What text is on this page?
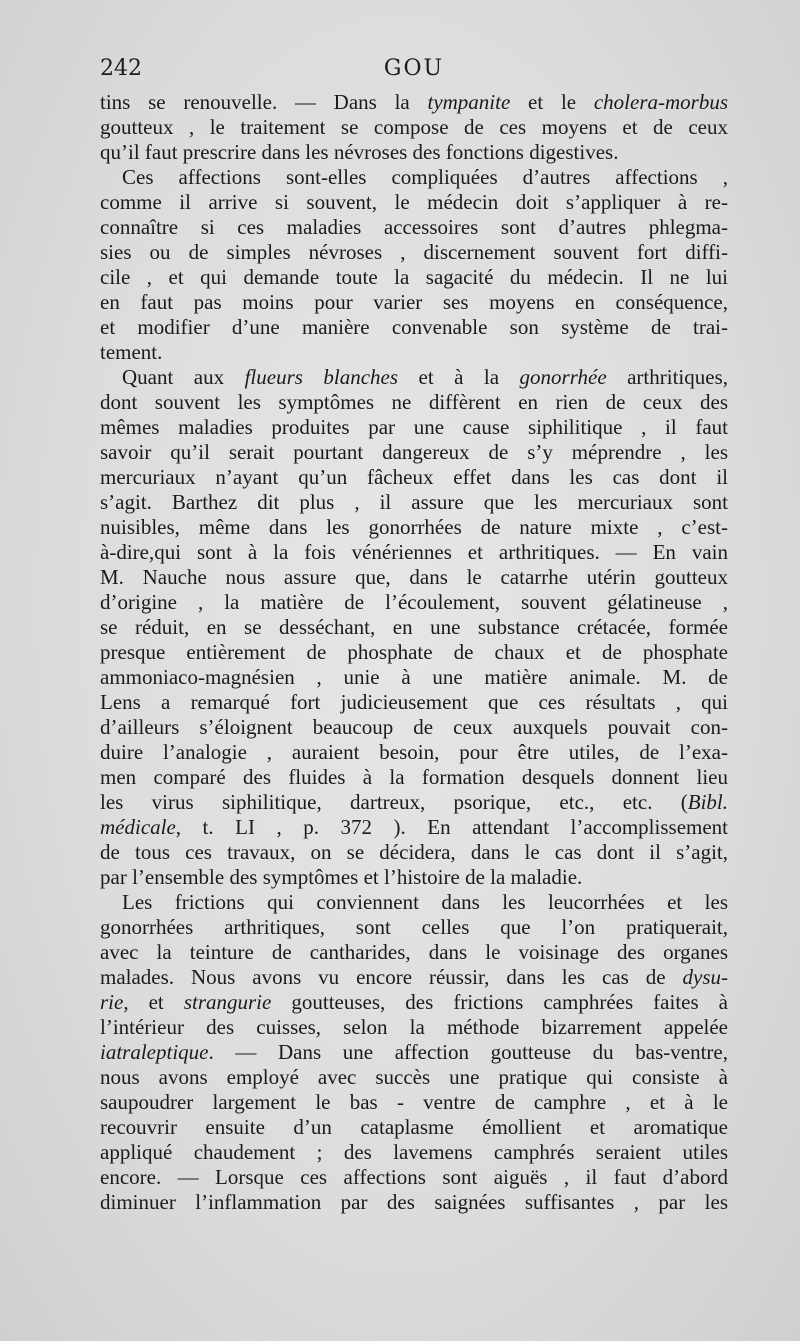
242	GOU
tins se renouvelle. — Dans la tympanite et le cholera-morbus
goutteux , le traitement se compose de ces moyens et de ceux
qu’il faut prescrire dans les névroses des fonctions digestives.
Ces affections sont-elles compliquées d’autres affections ,
comme il arrive si souvent, le médecin doit s’appliquer à re-
connaître si ces maladies accessoires sont d’autres phlegma-
sies ou de simples névroses , discernement souvent fort diffi-
cile , et qui demande toute la sagacité du médecin. Il ne lui
en faut pas moins pour varier ses moyens en conséquence,
et modifier d’une manière convenable son système de trai-
tement.
Quant aux flueurs blanches et à la gonorrhée arthritiques,
dont souvent les symptômes ne diffèrent en rien de ceux des
mêmes maladies produites par une cause siphilitique , il faut
savoir qu’il serait pourtant dangereux de s’y méprendre , les
mercuriaux n’ayant qu’un fâcheux effet dans les cas dont il
s’agit. Barthez dit plus , il assure que les mercuriaux sont
nuisibles, même dans les gonorrhées de nature mixte , c’est-
à-dire,qui sont à la fois vénériennes et arthritiques. — En vain
M. Nauche nous assure que, dans le catarrhe utérin goutteux
d’origine , la matière de l’écoulement, souvent gélatineuse ,
se réduit, en se desséchant, en une substance crétacée, formée
presque entièrement de phosphate de chaux et de phosphate
ammoniaco-magnésien , unie à une matière animale. M. de
Lens a remarqué fort judicieusement que ces résultats , qui
d’ailleurs s’éloignent beaucoup de ceux auxquels pouvait con-
duire l’analogie , auraient besoin, pour être utiles, de l’exa-
men comparé des fluides à la formation desquels donnent lieu
les virus siphilitique, dartreux, psorique, etc., etc. (Bibl.
médicale, t. LI , p. 372 ). En attendant l’accomplissement
de tous ces travaux, on se décidera, dans le cas dont il s’agit,
par l’ensemble des symptômes et l’histoire de la maladie.
Les frictions qui conviennent dans les leucorrhées et les
gonorrhées arthritiques, sont celles que l’on pratiquerait,
avec la teinture de cantharides, dans le voisinage des organes
malades. Nous avons vu encore réussir, dans les cas de dysu-
rie, et strangurie goutteuses, des frictions camphrées faites à
l’intérieur des cuisses, selon la méthode bizarrement appelée
iatraleptique. — Dans une affection goutteuse du bas-ventre,
nous avons employé avec succès une pratique qui consiste à
saupoudrer largement le bas - ventre de camphre , et à le
recouvrir ensuite d’un cataplasme émollient et aromatique
appliqué chaudement ; des lavemens camphrés seraient utiles
encore. — Lorsque ces affections sont aiguës , il faut d’abord
diminuer l’inflammation par des saignées suffisantes , par les
